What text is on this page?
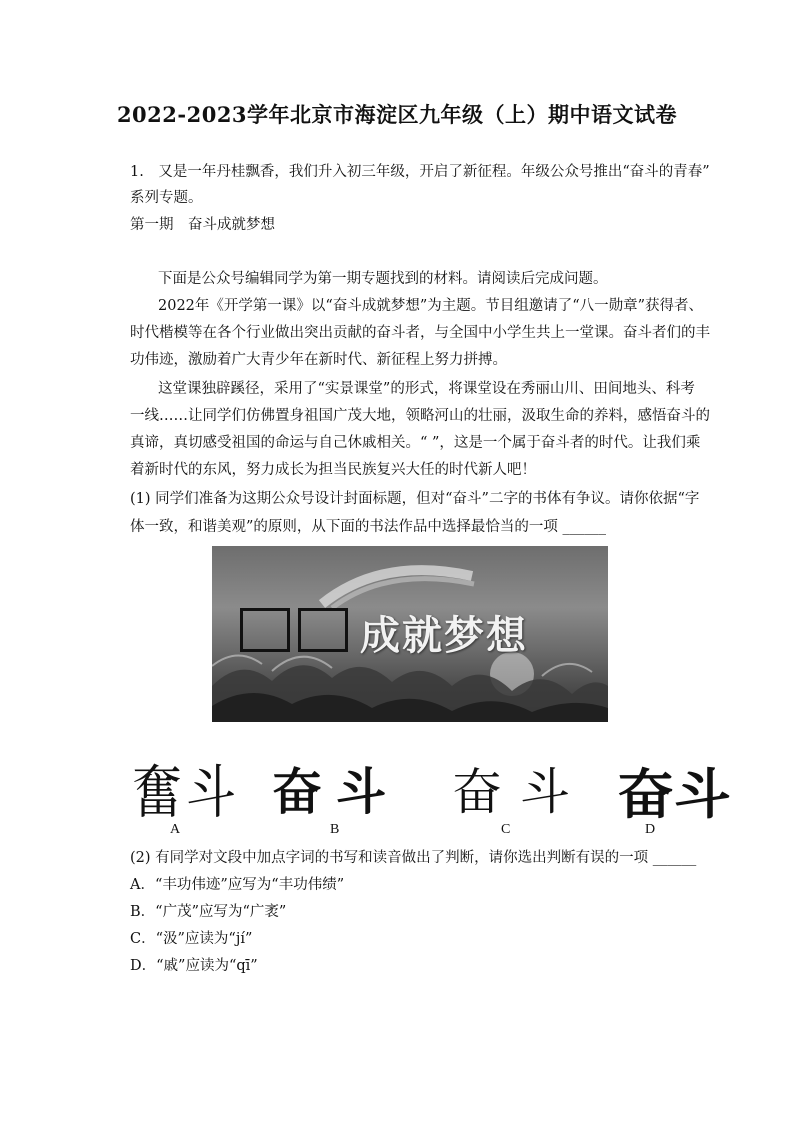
2022-2023学年北京市海淀区九年级（上）期中语文试卷
1.　又是一年丹桂飘香，我们升入初三年级，开启了新征程。年级公众号推出“奋斗的青春”
系列专题。
第一期　奋斗成就梦想
下面是公众号编辑同学为第一期专题找到的材料。请阅读后完成问题。
2022年《开学第一课》以“奋斗成就梦想”为主题。节目组邀请了“八一勋章”获得者、
时代楷模等在各个行业做出突出贡献的奋斗者，与全国中小学生共上一堂课。奋斗者们的丰
功伟迹，激励着广大青少年在新时代、新征程上努力拼搏。
这堂课独辟蹊径，采用了“实景课堂”的形式，将课堂设在秀丽山川、田间地头、科考
一线……让同学们仿佛置身祖国广茂大地，领略河山的壮丽，汲取生命的养料，感悟奋斗的
真谛，真切感受祖国的命运与自己休戚相关。“ ”，这是一个属于奋斗者的时代。让我们乘
着新时代的东风，努力成长为担当民族复兴大任的时代新人吧！
(1) 同学们准备为这期公众号设计封面标题，但对“奋斗”二字的书体有争议。请你依据“字
体一致，和谐美观”的原则，从下面的书法作品中选择最恰当的一项 ______
成就梦想
奮斗 奋斗 奋斗 奋斗
A	B	C	D
(2) 有同学对文段中加点字词的书写和读音做出了判断，请你选出判断有误的一项 ______
A．“丰功伟迹”应写为“丰功伟绩”
B．“广茂”应写为“广袤”
C．“汲”应读为“jí”
D．“戚”应读为“qī”
